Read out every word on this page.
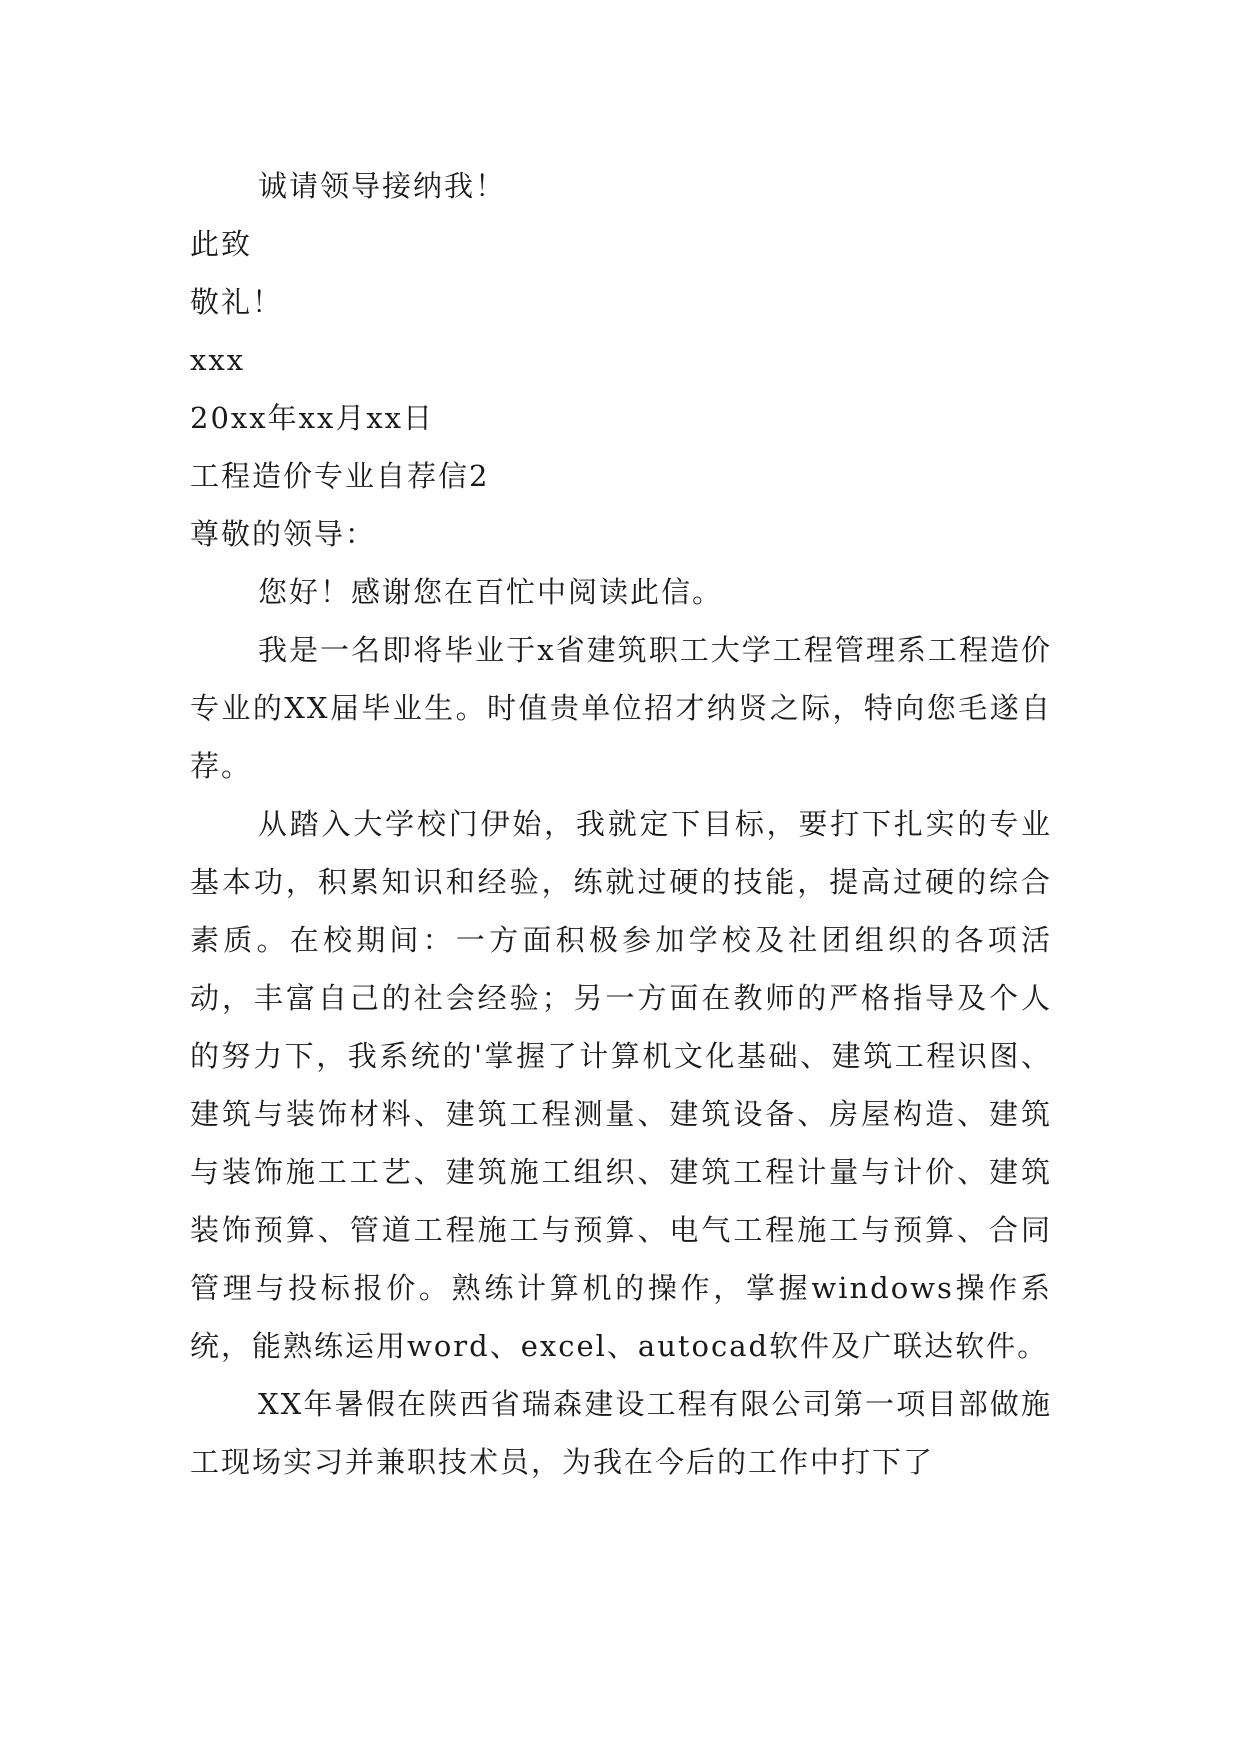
诚请领导接纳我！
此致
敬礼！
xxx
20xx年xx月xx日
工程造价专业自荐信2
尊敬的领导：

您好！感谢您在百忙中阅读此信。

我是一名即将毕业于x省建筑职工大学工程管理系工程造价专业的XX届毕业生。时值贵单位招才纳贤之际，特向您毛遂自荐。

从踏入大学校门伊始，我就定下目标，要打下扎实的专业基本功，积累知识和经验，练就过硬的技能，提高过硬的综合素质。在校期间：一方面积极参加学校及社团组织的各项活动，丰富自己的社会经验；另一方面在教师的严格指导及个人的努力下，我系统的'掌握了计算机文化基础、建筑工程识图、建筑与装饰材料、建筑工程测量、建筑设备、房屋构造、建筑与装饰施工工艺、建筑施工组织、建筑工程计量与计价、建筑装饰预算、管道工程施工与预算、电气工程施工与预算、合同管理与投标报价。熟练计算机的操作，掌握windows操作系统，能熟练运用word、excel、autocad软件及广联达软件。

XX年暑假在陕西省瑞森建设工程有限公司第一项目部做施工现场实习并兼职技术员，为我在今后的工作中打下了
